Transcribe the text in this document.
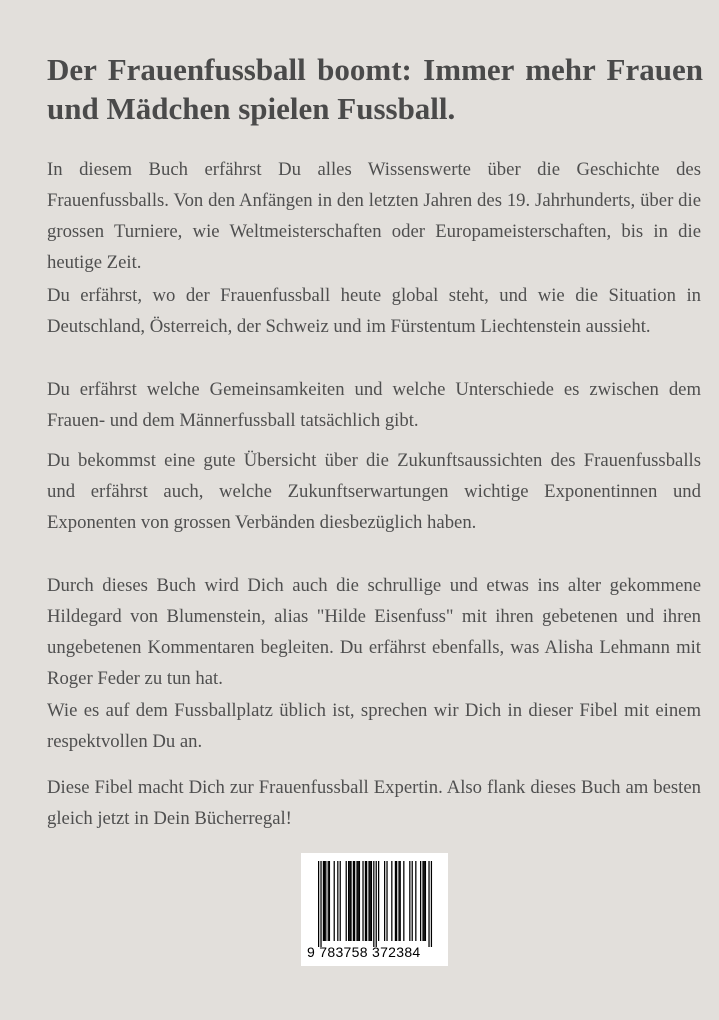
Der Frauenfussball boomt: Immer mehr Frauen und Mädchen spielen Fussball.

In diesem Buch erfährst Du alles Wissenswerte über die Geschichte des Frauenfussballs. Von den Anfängen in den letzten Jahren des 19. Jahrhunderts, über die grossen Turniere, wie Weltmeisterschaften oder Europameisterschaften, bis in die heutige Zeit.

Du erfährst, wo der Frauenfussball heute global steht, und wie die Situation in Deutschland, Österreich, der Schweiz und im Fürstentum Liechtenstein aussieht.

Du erfährst welche Gemeinsamkeiten und welche Unterschiede es zwischen dem Frauen- und dem Männerfussball tatsächlich gibt.

Du bekommst eine gute Übersicht über die Zukunftsaussichten des Frauenfussballs und erfährst auch, welche Zukunftserwartungen wichtige Exponentinnen und Exponenten von grossen Verbänden diesbezüglich haben.

Durch dieses Buch wird Dich auch die schrullige und etwas ins alter gekommene Hildegard von Blumenstein, alias "Hilde Eisenfuss" mit ihren gebetenen und ihren ungebetenen Kommentaren begleiten. Du erfährst ebenfalls, was Alisha Lehmann mit Roger Feder zu tun hat.

Wie es auf dem Fussballplatz üblich ist, sprechen wir Dich in dieser Fibel mit einem respektvollen Du an.

Diese Fibel macht Dich zur Frauenfussball Expertin. Also flank dieses Buch am besten gleich jetzt in Dein Bücherregal!

9 783758 372384
